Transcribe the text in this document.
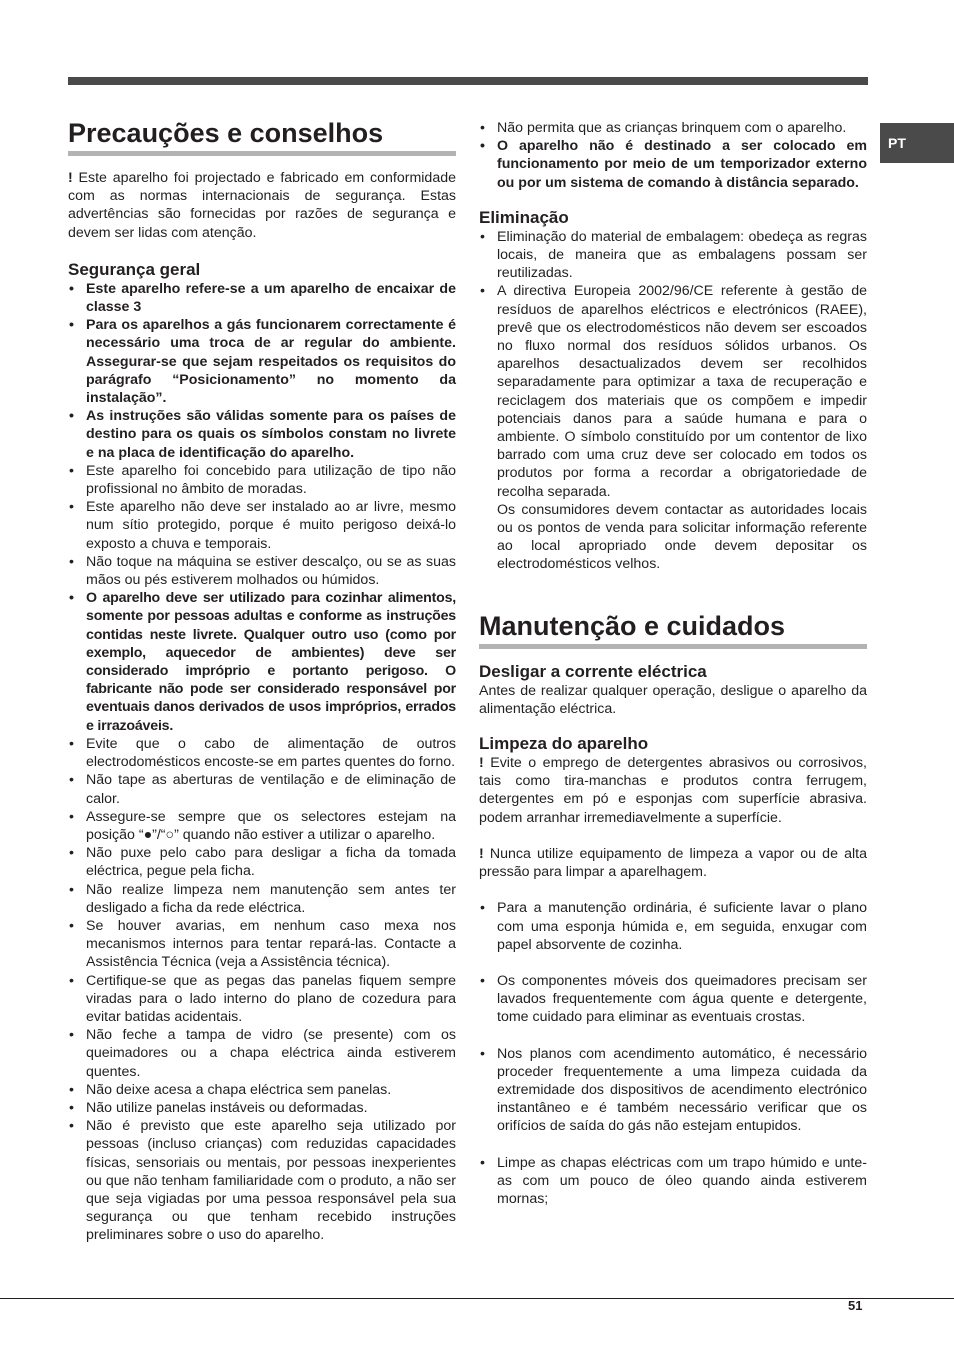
PT
Precauções e conselhos

! Este aparelho foi projectado e fabricado em conformidade com as normas internacionais de segurança. Estas advertências são fornecidas por razões de segurança e devem ser lidas com atenção.

Segurança geral
• Este aparelho refere-se a um aparelho de encaixar de classe 3
• Para os aparelhos a gás funcionarem correctamente é necessário uma troca de ar regular do ambiente. Assegurar-se que sejam respeitados os requisitos do parágrafo “Posicionamento” no momento da instalação”.
• As instruções são válidas somente para os países de destino para os quais os símbolos constam no livrete e na placa de identificação do aparelho.
• Este aparelho foi concebido para utilização de tipo não profissional no âmbito de moradas.
• Este aparelho não deve ser instalado ao ar livre, mesmo num sítio protegido, porque é muito perigoso deixá-lo exposto a chuva e temporais.
• Não toque na máquina se estiver descalço, ou se as suas mãos ou pés estiverem molhados ou húmidos.
• O aparelho deve ser utilizado para cozinhar alimentos, somente por pessoas adultas e conforme as instruções contidas neste livrete. Qualquer outro uso (como por exemplo, aquecedor de ambientes) deve ser considerado impróprio e portanto perigoso. O fabricante não pode ser considerado responsável por eventuais danos derivados de usos impróprios, errados e irrazoáveis.
• Evite que o cabo de alimentação de outros electrodomésticos encoste-se em partes quentes do forno.
• Não tape as aberturas de ventilação e de eliminação de calor.
• Assegure-se sempre que os selectores estejam na posição “●”/“○” quando não estiver a utilizar o aparelho.
• Não puxe pelo cabo para desligar a ficha da tomada eléctrica, pegue pela ficha.
• Não realize limpeza nem manutenção sem antes ter desligado a ficha da rede eléctrica.
• Se houver avarias, em nenhum caso mexa nos mecanismos internos para tentar repará-las. Contacte a Assistência Técnica (veja a Assistência técnica).
• Certifique-se que as pegas das panelas fiquem sempre viradas para o lado interno do plano de cozedura para evitar batidas acidentais.
• Não feche a tampa de vidro (se presente) com os queimadores ou a chapa eléctrica ainda estiverem quentes.
• Não deixe acesa a chapa eléctrica sem panelas.
• Não utilize panelas instáveis ou deformadas.
• Não é previsto que este aparelho seja utilizado por pessoas (incluso crianças) com reduzidas capacidades físicas, sensoriais ou mentais, por pessoas inexperientes ou que não tenham familiaridade com o produto, a não ser que seja vigiadas por uma pessoa responsável pela sua segurança ou que tenham recebido instruções preliminares sobre o uso do aparelho.
• Não permita que as crianças brinquem com o aparelho.
• O aparelho não é destinado a ser colocado em funcionamento por meio de um temporizador externo ou por um sistema de comando à distância separado.
Eliminação
• Eliminação do material de embalagem: obedeça as regras locais, de maneira que as embalagens possam ser reutilizadas.
• A directiva Europeia 2002/96/CE referente à gestão de resíduos de aparelhos eléctricos e electrónicos (RAEE), prevê que os electrodomésticos não devem ser escoados no fluxo normal dos resíduos sólidos urbanos. Os aparelhos desactualizados devem ser recolhidos separadamente para optimizar a taxa de recuperação e reciclagem dos materiais que os compõem e impedir potenciais danos para a saúde humana e para o ambiente. O símbolo constituído por um contentor de lixo barrado com uma cruz deve ser colocado em todos os produtos por forma a recordar a obrigatoriedade de recolha separada.

Os consumidores devem contactar as autoridades locais ou os pontos de venda para solicitar informação referente ao local apropriado onde devem depositar os electrodomésticos velhos.

Manutenção e cuidados
Desligar a corrente eléctrica

Antes de realizar qualquer operação, desligue o aparelho da alimentação eléctrica.

Limpeza do aparelho

! Evite o emprego de detergentes abrasivos ou corrosivos, tais como tira-manchas e produtos contra ferrugem, detergentes em pó e esponjas com superfície abrasiva. podem arranhar irremediavelmente a superfície.

! Nunca utilize equipamento de limpeza a vapor ou de alta pressão para limpar a aparelhagem.

• Para a manutenção ordinária, é suficiente lavar o plano com uma esponja húmida e, em seguida, enxugar com papel absorvente de cozinha.
• Os componentes móveis dos queimadores precisam ser lavados frequentemente com água quente e detergente, tome cuidado para eliminar as eventuais crostas.
• Nos planos com acendimento automático, é necessário proceder frequentemente a uma limpeza cuidada da extremidade dos dispositivos de acendimento electrónico instantâneo e é também necessário verificar que os orifícios de saída do gás não estejam entupidos.
• Limpe as chapas eléctricas com um trapo húmido e unte-as com um pouco de óleo quando ainda estiverem mornas;
51
